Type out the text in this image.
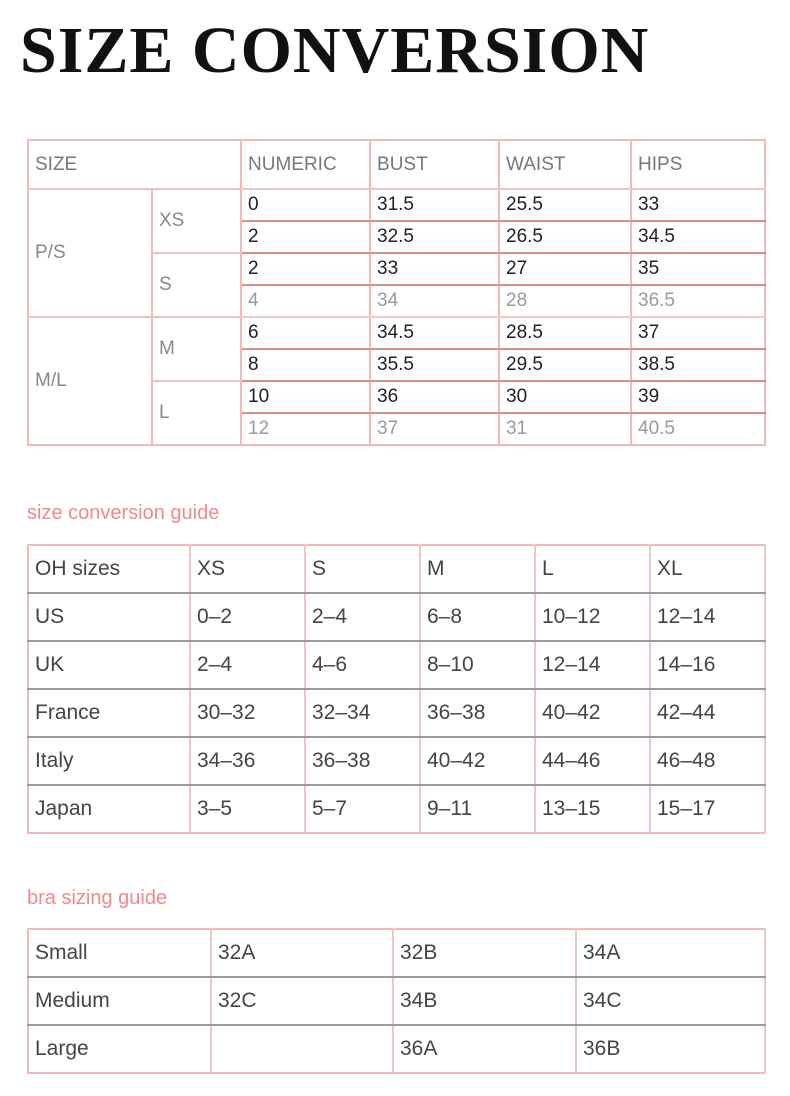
SIZE CONVERSION
SIZE		NUMERIC	BUST	WAIST	HIPS
P/S	XS	0	31.5	25.5	33
		2	32.5	26.5	34.5
	S	2	33	27	35
		4	34	28	36.5
M/L	M	6	34.5	28.5	37
		8	35.5	29.5	38.5
	L	10	36	30	39
		12	37	31	40.5

size conversion guide

OH sizes	XS	S	M	L	XL
US	0–2	2–4	6–8	10–12	12–14
UK	2–4	4–6	8–10	12–14	14–16
France	30–32	32–34	36–38	40–42	42–44
Italy	34–36	36–38	40–42	44–46	46–48
Japan	3–5	5–7	9–11	13–15	15–17

bra sizing guide

Small	32A	32B	34A
Medium	32C	34B	34C
Large		36A	36B
